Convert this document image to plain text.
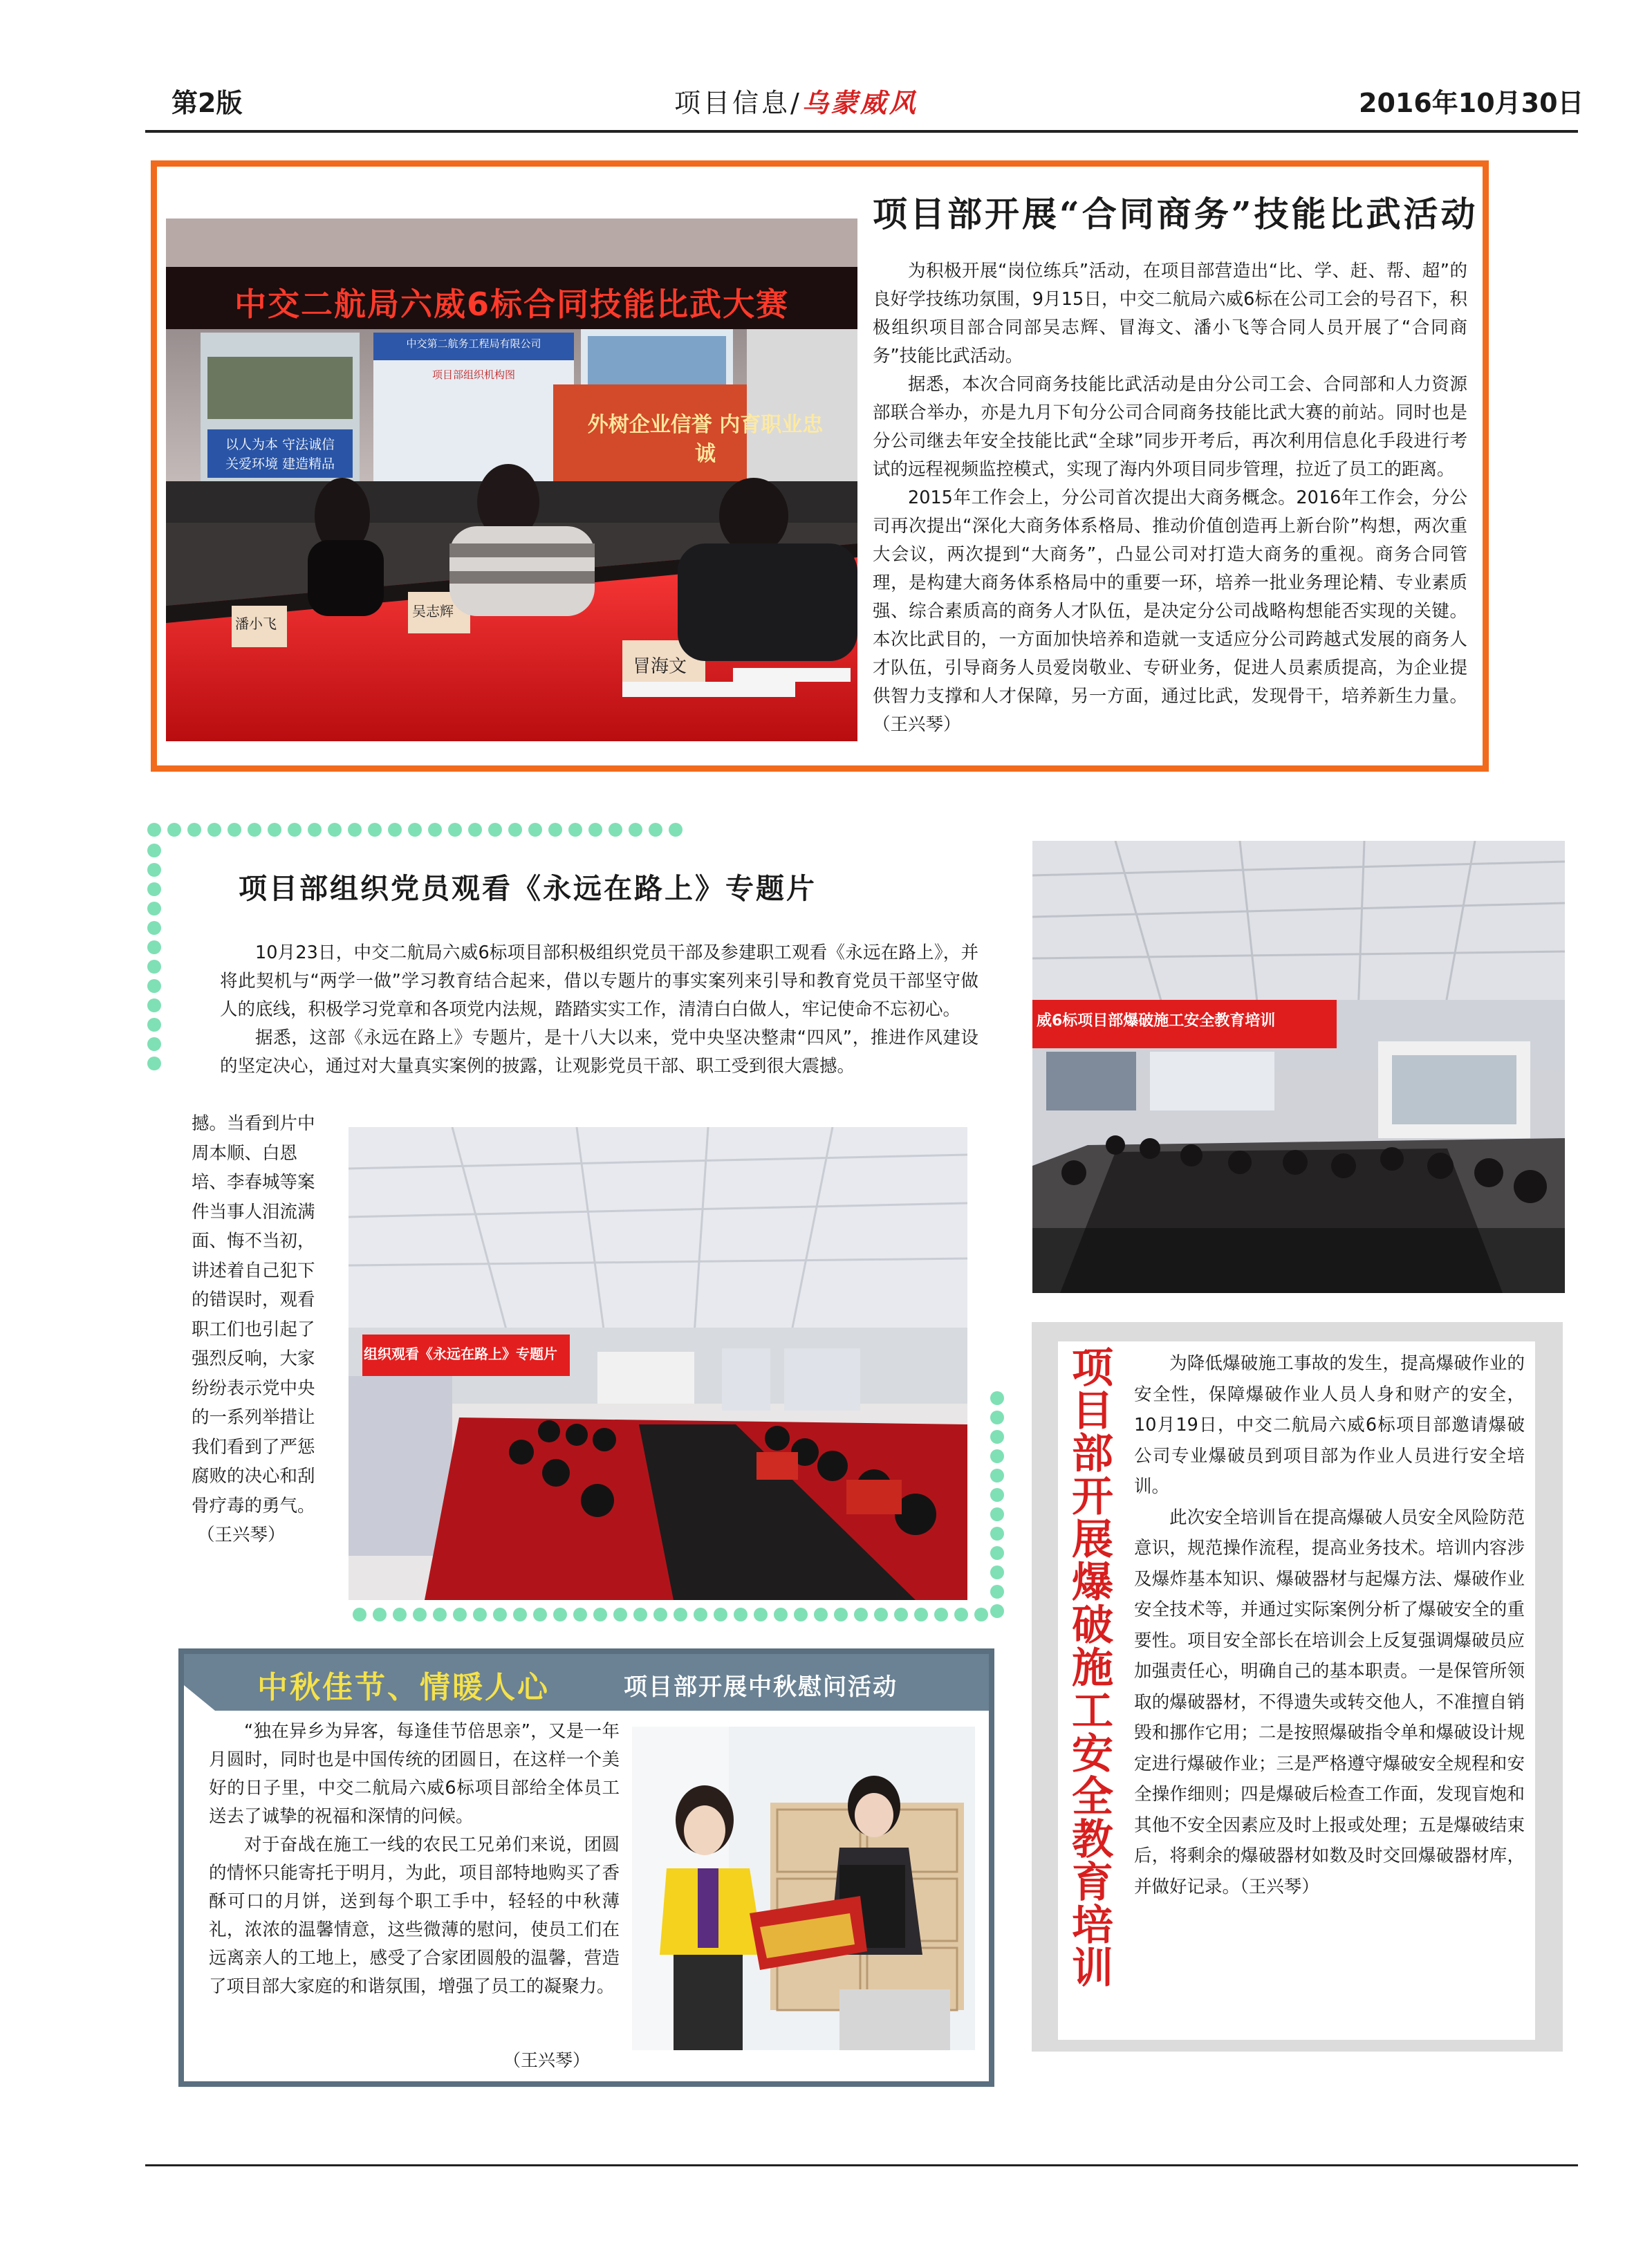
第2版	项目信息/乌蒙威风	2016年10月30日
中交二航局六威6标合同技能比武大赛
中交第二航务工程局有限公司
项目部组织机构图
以人为本 守法诚信
关爱环境 建造精品
外树企业信誉 内育职业忠诚
潘小飞
吴志辉
冒海文
项目部开展“合同商务”技能比武活动

为积极开展“岗位练兵”活动，在项目部营造出“比、学、赶、帮、超”的良好学技练功氛围，9月15日，中交二航局六威6标在公司工会的号召下，积极组织项目部合同部吴志辉、冒海文、潘小飞等合同人员开展了“合同商务”技能比武活动。

据悉，本次合同商务技能比武活动是由分公司工会、合同部和人力资源部联合举办，亦是九月下旬分公司合同商务技能比武大赛的前站。同时也是分公司继去年安全技能比武“全球”同步开考后，再次利用信息化手段进行考试的远程视频监控模式，实现了海内外项目同步管理，拉近了员工的距离。

2015年工作会上，分公司首次提出大商务概念。2016年工作会，分公司再次提出“深化大商务体系格局、推动价值创造再上新台阶”构想，两次重大会议，两次提到“大商务”，凸显公司对打造大商务的重视。商务合同管理，是构建大商务体系格局中的重要一环，培养一批业务理论精、专业素质强、综合素质高的商务人才队伍，是决定分公司战略构想能否实现的关键。本次比武目的，一方面加快培养和造就一支适应分公司跨越式发展的商务人才队伍，引导商务人员爱岗敬业、专研业务，促进人员素质提高，为企业提供智力支撑和人才保障，另一方面，通过比武，发现骨干，培养新生力量。（王兴琴）

项目部组织党员观看《永远在路上》专题片

10月23日，中交二航局六威6标项目部积极组织党员干部及参建职工观看《永远在路上》，并将此契机与“两学一做”学习教育结合起来，借以专题片的事实案列来引导和教育党员干部坚守做人的底线，积极学习党章和各项党内法规，踏踏实实工作，清清白白做人，牢记使命不忘初心。

据悉，这部《永远在路上》专题片，是十八大以来，党中央坚决整肃“四风”，推进作风建设的坚定决心，通过对大量真实案例的披露，让观影党员干部、职工受到很大震撼。

撼。当看到片中
周本顺、白恩
培、李春城等案
件当事人泪流满
面、悔不当初，
讲述着自己犯下
的错误时，观看
职工们也引起了
强烈反响，大家
纷纷表示党中央
的一系列举措让
我们看到了严惩
腐败的决心和刮
骨疗毒的勇气。
（王兴琴）
组织观看《永远在路上》专题片
中秋佳节、情暖人心	项目部开展中秋慰问活动

“独在异乡为异客，每逢佳节倍思亲”，又是一年月圆时，同时也是中国传统的团圆日，在这样一个美好的日子里，中交二航局六威6标项目部给全体员工送去了诚挚的祝福和深情的问候。

对于奋战在施工一线的农民工兄弟们来说，团圆的情怀只能寄托于明月，为此，项目部特地购买了香酥可口的月饼，送到每个职工手中，轻轻的中秋薄礼，浓浓的温馨情意，这些微薄的慰问，使员工们在远离亲人的工地上，感受了合家团圆般的温馨，营造了项目部大家庭的和谐氛围，增强了员工的凝聚力。

（王兴琴）
威6标项目部爆破施工安全教育培训
项目部开展爆破施工安全教育培训	为降低爆破施工事故的发生，提高爆破作业的安全性，保障爆破作业人员人身和财产的安全，10月19日，中交二航局六威6标项目部邀请爆破公司专业爆破员到项目部为作业人员进行安全培训。

此次安全培训旨在提高爆破人员安全风险防范意识，规范操作流程，提高业务技术。培训内容涉及爆炸基本知识、爆破器材与起爆方法、爆破作业安全技术等，并通过实际案例分析了爆破安全的重要性。项目安全部长在培训会上反复强调爆破员应加强责任心，明确自己的基本职责。一是保管所领取的爆破器材，不得遗失或转交他人，不准擅自销毁和挪作它用；二是按照爆破指令单和爆破设计规定进行爆破作业；三是严格遵守爆破安全规程和安全操作细则；四是爆破后检查工作面，发现盲炮和其他不安全因素应及时上报或处理；五是爆破结束后，将剩余的爆破器材如数及时交回爆破器材库，并做好记录。（王兴琴）
